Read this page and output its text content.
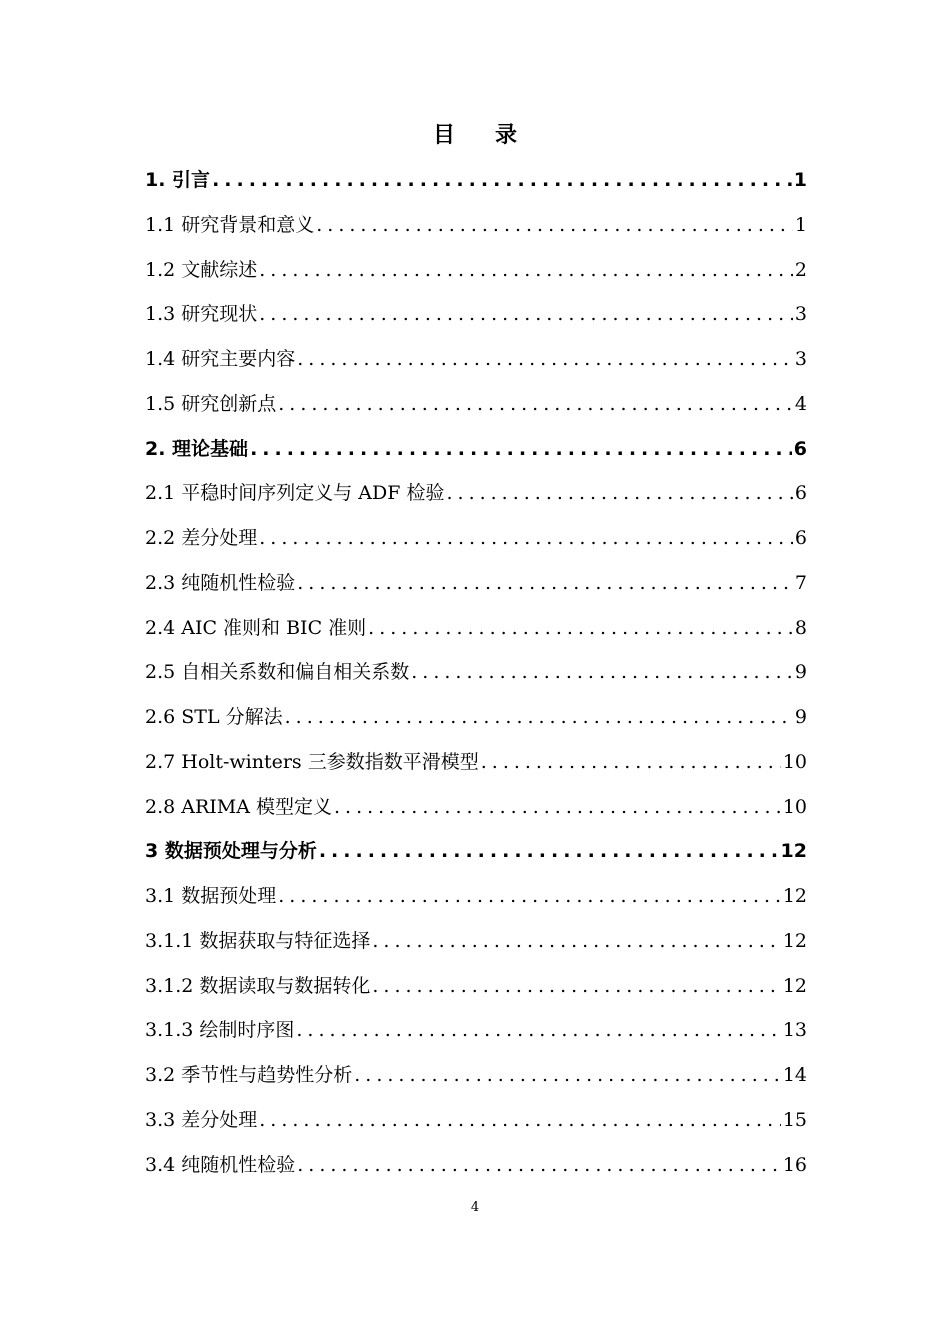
目 录
1. 引言 .....	1
1.1 研究背景和意义 .....	1
1.2 文献综述 .....	2
1.3 研究现状 .....	3
1.4 研究主要内容 .....	3
1.5 研究创新点 .....	4
2. 理论基础 .....	6
2.1 平稳时间序列定义与 ADF 检验 .....	6
2.2 差分处理 .....	6
2.3 纯随机性检验 .....	7
2.4 AIC 准则和 BIC 准则 .....	8
2.5 自相关系数和偏自相关系数 .....	9
2.6 STL 分解法 .....	9
2.7 Holt-winters 三参数指数平滑模型 .....	10
2.8 ARIMA 模型定义 .....	10
3 数据预处理与分析 .....	12
3.1 数据预处理 .....	12
3.1.1 数据获取与特征选择 .....	12
3.1.2 数据读取与数据转化 .....	12
3.1.3 绘制时序图 .....	13
3.2 季节性与趋势性分析 .....	14
3.3 差分处理 .....	15
3.4 纯随机性检验 .....	16
4
